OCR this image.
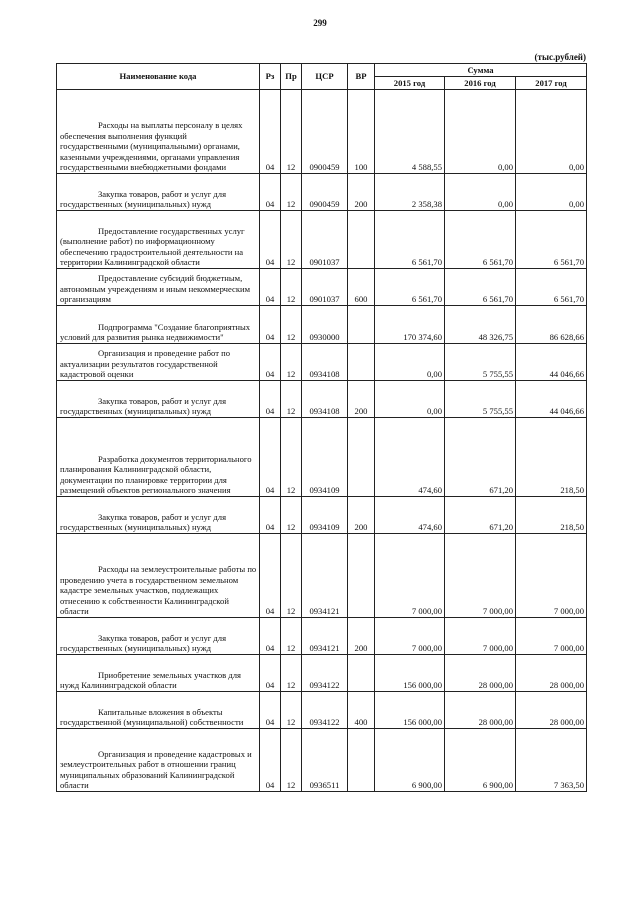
299
(тыс.рублей)
Наименование кода	Рз	Пр	ЦСР	ВР	Сумма		
					2015 год	2016 год	2017 год

Расходы на выплаты персоналу в целях обеспечения выполнения функций государственными (муниципальными) органами, казенными учреждениями, органами управления государственными внебюджетными фондами	04	12	0900459	100	4 588,55	0,00	0,00

Закупка товаров, работ и услуг для государственных (муниципальных) нужд	04	12	0900459	200	2 358,38	0,00	0,00

Предоставление государственных услуг (выполнение работ) по информационному обеспечению градостроительной деятельности на территории Калининградской области	04	12	0901037		6 561,70	6 561,70	6 561,70

Предоставление субсидий бюджетным, автономным учреждениям и иным некоммерческим организациям	04	12	0901037	600	6 561,70	6 561,70	6 561,70

Подпрограмма "Создание благоприятных условий для развития рынка недвижимости"	04	12	0930000		170 374,60	48 326,75	86 628,66

Организация и проведение работ по актуализации результатов государственной кадастровой оценки	04	12	0934108		0,00	5 755,55	44 046,66

Закупка товаров, работ и услуг для государственных (муниципальных) нужд	04	12	0934108	200	0,00	5 755,55	44 046,66

Разработка документов территориального планирования Калининградской области, документации по планировке территории для размещений объектов регионального значения	04	12	0934109		474,60	671,20	218,50

Закупка товаров, работ и услуг для государственных (муниципальных) нужд	04	12	0934109	200	474,60	671,20	218,50

Расходы на землеустроительные работы по проведению учета в государственном земельном кадастре земельных участков, подлежащих отнесению к собственности Калининградской области	04	12	0934121		7 000,00	7 000,00	7 000,00

Закупка товаров, работ и услуг для государственных (муниципальных) нужд	04	12	0934121	200	7 000,00	7 000,00	7 000,00

Приобретение земельных участков для нужд Калининградской области	04	12	0934122		156 000,00	28 000,00	28 000,00

Капитальные вложения в объекты государственной (муниципальной) собственности	04	12	0934122	400	156 000,00	28 000,00	28 000,00

Организация и проведение кадастровых и землеустроительных работ в отношении границ муниципальных образований Калининградской области	04	12	0936511		6 900,00	6 900,00	7 363,50
